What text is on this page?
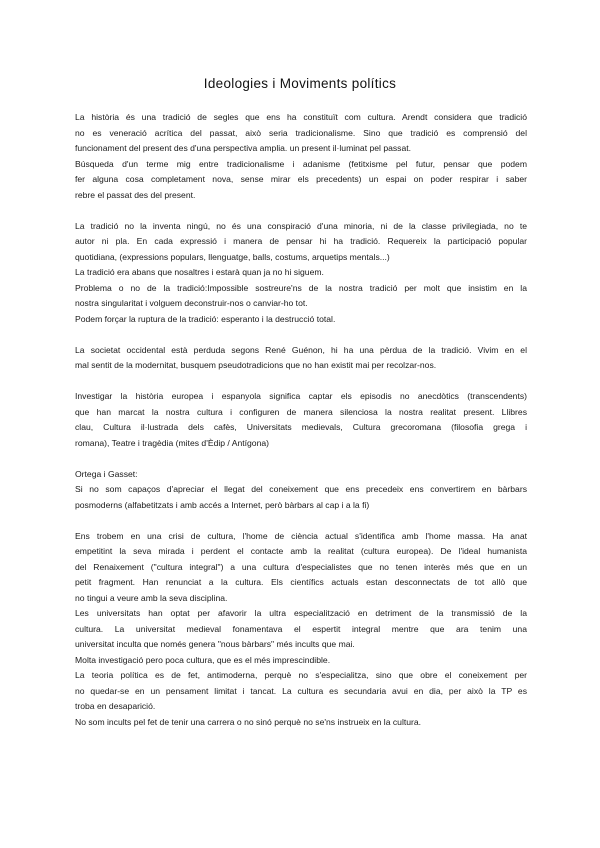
Ideologies i Moviments polítics
La història és una tradició de segles que ens ha constituït com cultura. Arendt considera que tradició
no es veneració acrítica del passat, això seria tradicionalisme. Sino que tradició es comprensió del
funcionament del present des d'una perspectiva amplia. un present il·luminat pel passat.
Búsqueda d'un terme mig entre tradicionalisme i adanisme (fetitxisme pel futur, pensar que podem
fer alguna cosa completament nova, sense mirar els precedents) un espai on poder respirar i saber
rebre el passat des del present.
La tradició no la inventa ningú, no és una conspiració d'una minoria, ni de la classe privilegiada, no te
autor ni pla. En cada expressió i manera de pensar hi ha tradició. Requereix la participació popular
quotidiana, (expressions populars, llenguatge, balls, costums, arquetips mentals...)
La tradició era abans que nosaltres i estarà quan ja no hi siguem.
Problema o no de la tradició:Impossible sostreure'ns de la nostra tradició per molt que insistim en la
nostra singularitat i volguem deconstruir-nos o canviar-ho tot.
Podem forçar la ruptura de la tradició: esperanto i la destrucció total.
La societat occidental està perduda segons René Guénon, hi ha una pèrdua de la tradició. Vivim en el
mal sentit de la modernitat, busquem pseudotradicions que no han existit mai per recolzar-nos.
Investigar la història europea i espanyola significa captar els episodis no anecdòtics (transcendents)
que han marcat la nostra cultura i configuren de manera silenciosa la nostra realitat present. Llibres
clau, Cultura il·lustrada dels cafès, Universitats medievals, Cultura grecoromana (filosofia grega i
romana), Teatre i tragèdia (mites d'Èdip / Antígona)
Ortega i Gasset:
Si no som capaços d'apreciar el llegat del coneixement que ens precedeix ens convertirem en bàrbars
posmoderns (alfabetitzats i amb accés a Internet, però bàrbars al cap i a la fi)
Ens trobem en una crisi de cultura, l'home de ciència actual s'identifica amb l'home massa. Ha anat
empetitint la seva mirada i perdent el contacte amb la realitat (cultura europea). De l'ideal humanista
del Renaixement ("cultura integral") a una cultura d'especialistes que no tenen interès més que en un
petit fragment. Han renunciat a la cultura. Els científics actuals estan desconnectats de tot allò que
no tingui a veure amb la seva disciplina.
Les universitats han optat per afavorir la ultra especialització en detriment de la transmissió de la
cultura. La universitat medieval fonamentava el espertit integral mentre que ara tenim una
universitat inculta que només genera "nous bàrbars" més incults que mai.
Molta investigació pero poca cultura, que es el més imprescindible.
La teoria política es de fet, antimoderna, perquè no s'especialitza, sino que obre el coneixement per
no quedar-se en un pensament limitat i tancat. La cultura es secundaria avui en dia, per això la TP es
troba en desaparició.
No som incults pel fet de tenir una carrera o no sinó perquè no se'ns instrueix en la cultura.
